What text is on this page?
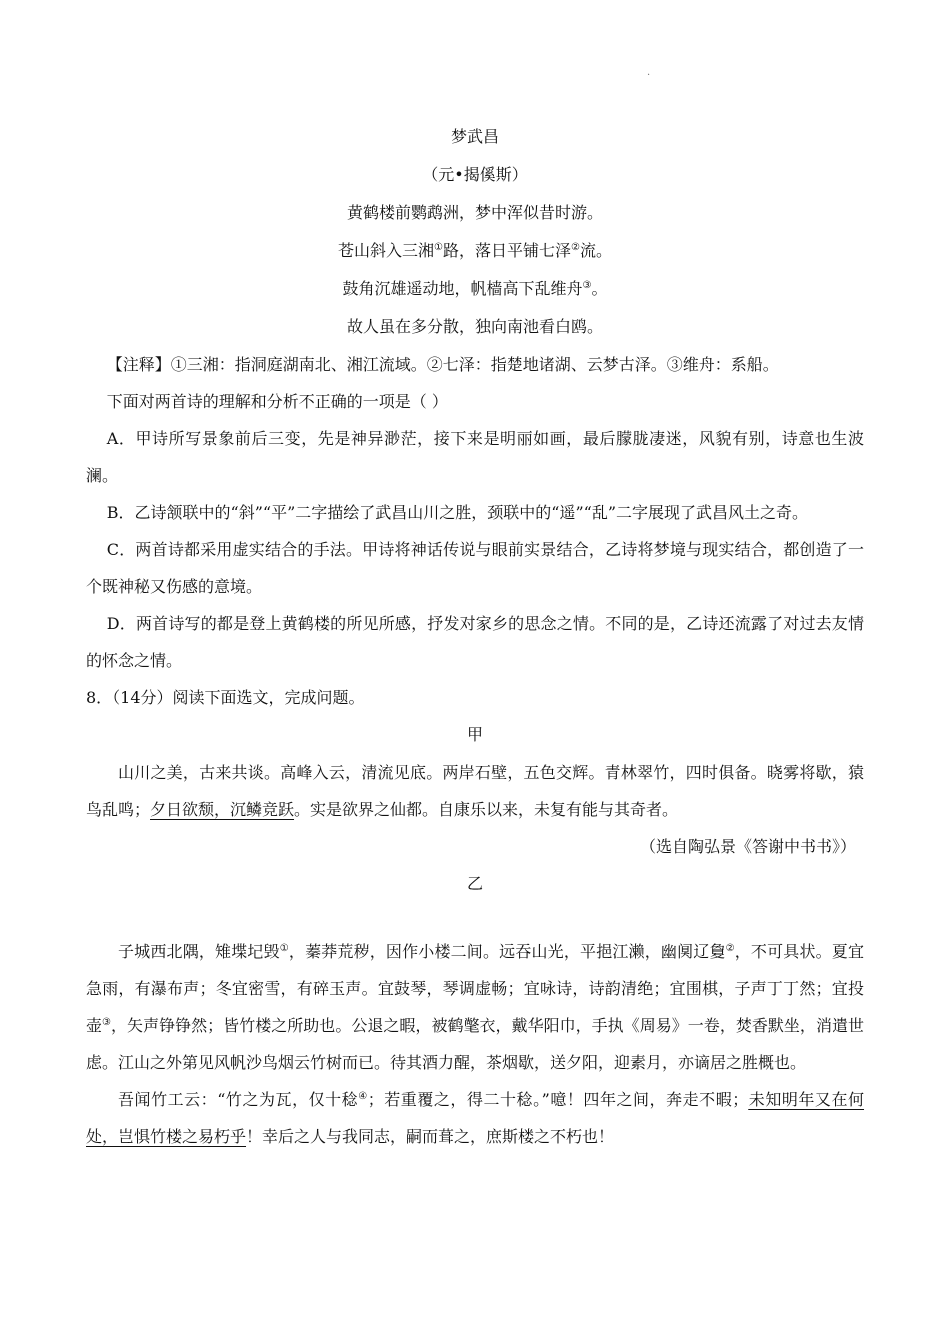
·
梦武昌
（元•揭傒斯）
黄鹤楼前鹦鹉洲，梦中浑似昔时游。
苍山斜入三湘①路，落日平铺七泽②流。
鼓角沉雄遥动地，帆樯高下乱维舟③。
故人虽在多分散，独向南池看白鸥。
【注释】①三湘：指洞庭湖南北、湘江流域。②七泽：指楚地诸湖、云梦古泽。③维舟：系船。
下面对两首诗的理解和分析不正确的一项是（ ）
A．甲诗所写景象前后三变，先是神异渺茫，接下来是明丽如画，最后朦胧凄迷，风貌有别，诗意也生波澜。
B．乙诗颔联中的“斜”“平”二字描绘了武昌山川之胜，颈联中的“遥”“乱”二字展现了武昌风土之奇。
C．两首诗都采用虚实结合的手法。甲诗将神话传说与眼前实景结合，乙诗将梦境与现实结合，都创造了一个既神秘又伤感的意境。
D．两首诗写的都是登上黄鹤楼的所见所感，抒发对家乡的思念之情。不同的是，乙诗还流露了对过去友情的怀念之情。
8．（14分）阅读下面选文，完成问题。
甲
山川之美，古来共谈。高峰入云，清流见底。两岸石壁，五色交辉。青林翠竹，四时俱备。晓雾将歇，猿鸟乱鸣；夕日欲颓，沉鳞竞跃。实是欲界之仙都。自康乐以来，未复有能与其奇者。
（选自陶弘景《答谢中书书》）
乙
子城西北隅，雉堞圮毁①，蓁莽荒秽，因作小楼二间。远吞山光，平挹江濑，幽阒辽敻②，不可具状。夏宜急雨，有瀑布声；冬宜密雪，有碎玉声。宜鼓琴，琴调虚畅；宜咏诗，诗韵清绝；宜围棋，子声丁丁然；宜投壶③，矢声铮铮然；皆竹楼之所助也。公退之暇，被鹤氅衣，戴华阳巾，手执《周易》一卷，焚香默坐，消遣世虑。江山之外第见风帆沙鸟烟云竹树而已。待其酒力醒，茶烟歇，送夕阳，迎素月，亦谪居之胜概也。
吾闻竹工云：“竹之为瓦，仅十稔④；若重覆之，得二十稔。”噫！四年之间，奔走不暇；未知明年又在何处，岂惧竹楼之易朽乎！幸后之人与我同志，嗣而葺之，庶斯楼之不朽也！
